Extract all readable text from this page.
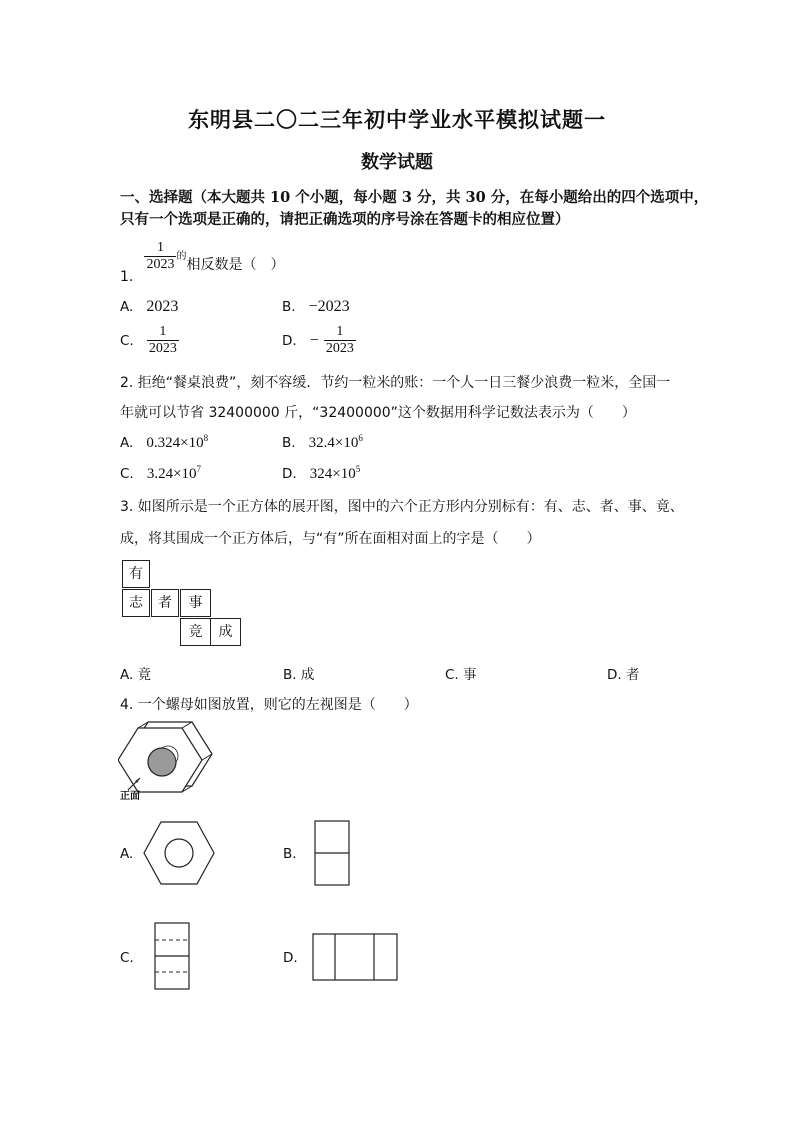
东明县二〇二三年初中学业水平模拟试题一
数学试题
一、选择题（本大题共 10 个小题，每小题 3 分，共 30 分，在每小题给出的四个选项中，
只有一个选项是正确的，请把正确选项的序号涂在答题卡的相应位置）
1.
$\frac{1}{2023}$ 的相反数是（　）
A. 2023	B. −2023
C. $\frac{1}{2023}$	D. − $\frac{1}{2023}$
2. 拒绝“餐桌浪费”，刻不容缓．节约一粒米的账：一个人一日三餐少浪费一粒米，全国一
年就可以节省 32400000 斤，“32400000”这个数据用科学记数法表示为（　　）
A. $0.324\times 10^8$	B. $32.4\times 10^6$
C. $3.24\times 10^7$	D. $324\times 10^5$
3. 如图所示是一个正方体的展开图，图中的六个正方形内分别标有：有、志、者、事、竟、
成，将其围成一个正方体后，与“有”所在面相对面上的字是（　　）
有
志	者	事
竞	成
A. 竟	B. 成	C. 事	D. 者
4. 一个螺母如图放置，则它的左视图是（　　）
正面
A.	B.
C.	D.
